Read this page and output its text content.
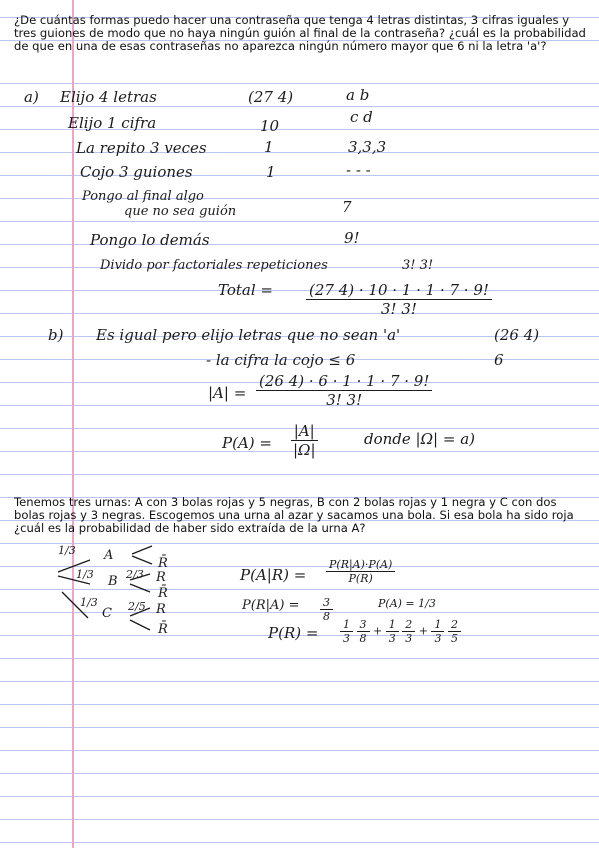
¿De cuántas formas puedo hacer una contraseña que tenga 4 letras distintas, 3 cifras iguales y tres guiones de modo que no haya ningún guión al final de la contraseña? ¿cuál es la probabilidad de que en una de esas contraseñas no aparezca ningún número mayor que 6 ni la letra 'a'?
a) Elijo 4 letras	(27 4)	a b
Elijo 1 cifra	10	c d
La repito 3 veces	1	3,3,3
Cojo 3 guiones	1	- - -
Pongo al final algo
que no sea guión	7
Pongo lo demás	9!
Divido por factoriales repeticiones	3! 3!
Total = $\frac{(27 4) \cdot 10 \cdot 1 \cdot 1 \cdot 7 \cdot 9!}{3! 3!}$
b) Es igual pero elijo letras que no sean 'a'	(26 4)
- la cifra la cojo ≤ 6	6
$|A| = \frac{(26 4) \cdot 6 \cdot 1 \cdot 1 \cdot 7 \cdot 9!}{3! 3!}$
$P(A) = \frac{|A|}{|\Omega|}$	donde |Ω| = a)
Tenemos tres urnas: A con 3 bolas rojas y 5 negras, B con 2 bolas rojas y 1 negra y C con dos bolas rojas y 3 negras. Escogemos una urna al azar y sacamos una bola. Si esa bola ha sido roja ¿cuál es la probabilidad de haber sido extraída de la urna A?
1/3
1/3
1/3
A
B
C
2/3
2/5
R̄
R
R̄
R
R̄
$P(A|R) = \frac{P(R|A)\cdot P(A)}{P(R)}$
$P(R|A) = \frac{3}{8}$	P(A) = 1/3
$P(R) = \frac{1}{3}$
$\frac{3}{8} + \frac{1}{3}$
$\frac{2}{3} + \frac{1}{3}$
$\frac{2}{5}$
